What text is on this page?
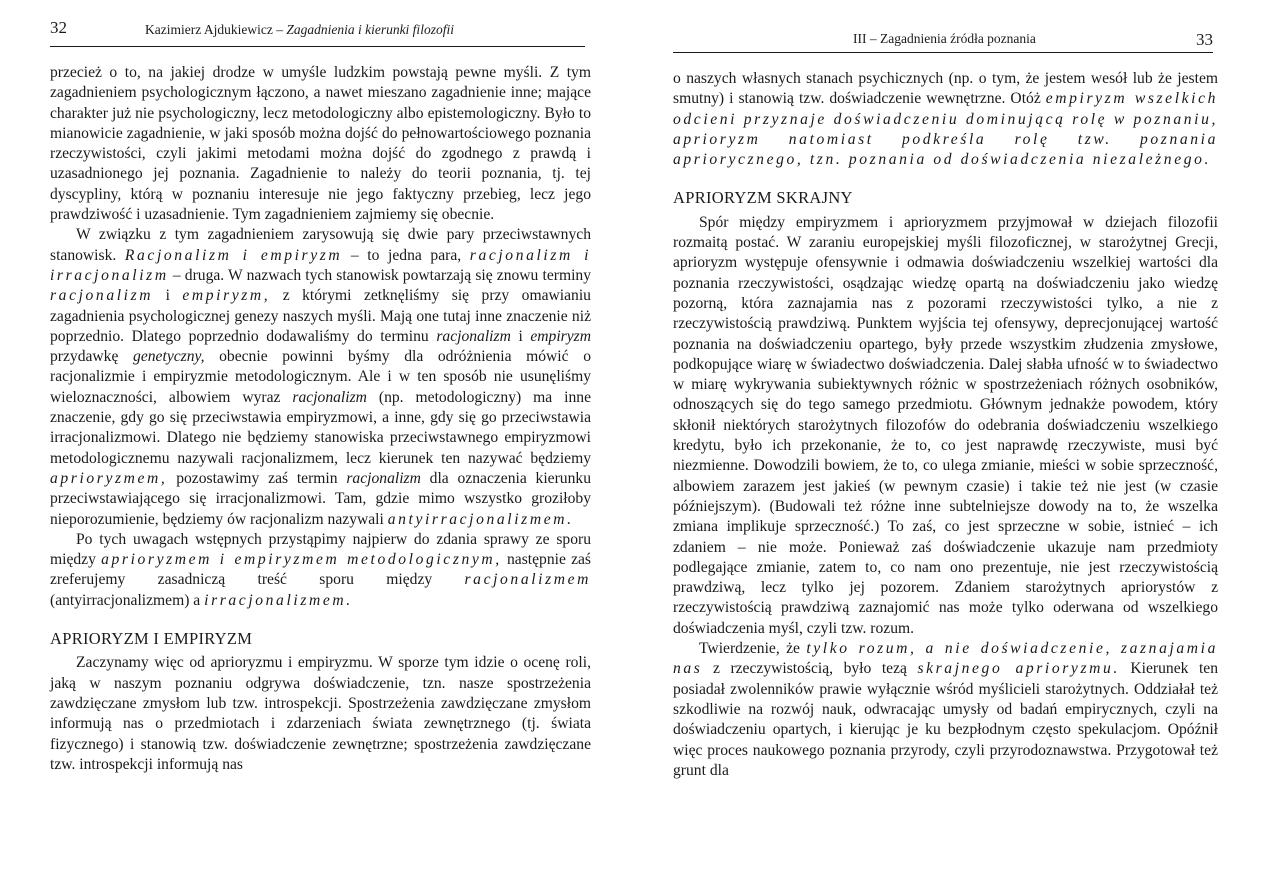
32	Kazimierz Ajdukiewicz – Zagadnienia i kierunki filozofii

przecież o to, na jakiej drodze w umyśle ludzkim powstają pewne myśli. Z tym zagadnieniem psychologicznym łączono, a nawet mieszano zagadnienie inne; mające charakter już nie psychologiczny, lecz metodologiczny albo epistemologiczny. Było to mianowicie zagadnienie, w jaki sposób można dojść do pełnowartościowego poznania rzeczywistości, czyli jakimi metodami można dojść do zgodnego z prawdą i uzasadnionego jej poznania. Zagadnienie to należy do teorii poznania, tj. tej dyscypliny, którą w poznaniu interesuje nie jego faktyczny przebieg, lecz jego prawdziwość i uzasadnienie. Tym zagadnieniem zajmiemy się obecnie.

W związku z tym zagadnieniem zarysowują się dwie pary przeciwstawnych stanowisk. Racjonalizm i empiryzm – to jedna para, racjonalizm i irracjonalizm – druga. W nazwach tych stanowisk powtarzają się znowu terminy racjonalizm i empiryzm, z którymi zetknęliśmy się przy omawianiu zagadnienia psychologicznej genezy naszych myśli. Mają one tutaj inne znaczenie niż poprzednio. Dlatego poprzednio dodawaliśmy do terminu racjonalizm i empiryzm przydawkę genetyczny, obecnie powinni byśmy dla odróżnienia mówić o racjonalizmie i empiryzmie metodologicznym. Ale i w ten sposób nie usunęliśmy wieloznaczności, albowiem wyraz racjonalizm (np. metodologiczny) ma inne znaczenie, gdy go się przeciwstawia empiryzmowi, a inne, gdy się go przeciwstawia irracjonalizmowi. Dlatego nie będziemy stanowiska przeciwstawnego empiryzmowi metodologicznemu nazywali racjonalizmem, lecz kierunek ten nazywać będziemy aprioryzmem, pozostawimy zaś termin racjonalizm dla oznaczenia kierunku przeciwstawiającego się irracjonalizmowi. Tam, gdzie mimo wszystko groziłoby nieporozumienie, będziemy ów racjonalizm nazywali antyirracjonalizmem.

Po tych uwagach wstępnych przystąpimy najpierw do zdania sprawy ze sporu między aprioryzmem i empiryzmem metodologicznym, następnie zaś zreferujemy zasadniczą treść sporu między racjonalizmem (antyirracjonalizmem) a irracjonalizmem.

APRIORYZM I EMPIRYZM

Zaczynamy więc od aprioryzmu i empiryzmu. W sporze tym idzie o ocenę roli, jaką w naszym poznaniu odgrywa doświadczenie, tzn. nasze spostrzeżenia zawdzięczane zmysłom lub tzw. introspekcji. Spostrzeżenia zawdzięczane zmysłom informują nas o przedmiotach i zdarzeniach świata zewnętrznego (tj. świata fizycznego) i stanowią tzw. doświadczenie zewnętrzne; spostrzeżenia zawdzięczane tzw. introspekcji informują nas

III – Zagadnienia źródła poznania	33

o naszych własnych stanach psychicznych (np. o tym, że jestem wesół lub że jestem smutny) i stanowią tzw. doświadczenie wewnętrzne. Otóż empiryzm wszelkich odcieni przyznaje doświadczeniu dominującą rolę w poznaniu, aprioryzm natomiast podkreśla rolę tzw. poznania apriorycznego, tzn. poznania od doświadczenia niezależnego.

APRIORYZM SKRAJNY

Spór między empiryzmem i aprioryzmem przyjmował w dziejach filozofii rozmaitą postać. W zaraniu europejskiej myśli filozoficznej, w starożytnej Grecji, aprioryzm występuje ofensywnie i odmawia doświadczeniu wszelkiej wartości dla poznania rzeczywistości, osądzając wiedzę opartą na doświadczeniu jako wiedzę pozorną, która zaznajamia nas z pozorami rzeczywistości tylko, a nie z rzeczywistością prawdziwą. Punktem wyjścia tej ofensywy, deprecjonującej wartość poznania na doświadczeniu opartego, były przede wszystkim złudzenia zmysłowe, podkopujące wiarę w świadectwo doświadczenia. Dalej słabła ufność w to świadectwo w miarę wykrywania subiektywnych różnic w spostrzeżeniach różnych osobników, odnoszących się do tego samego przedmiotu. Głównym jednakże powodem, który skłonił niektórych starożytnych filozofów do odebrania doświadczeniu wszelkiego kredytu, było ich przekonanie, że to, co jest naprawdę rzeczywiste, musi być niezmienne. Dowodzili bowiem, że to, co ulega zmianie, mieści w sobie sprzeczność, albowiem zarazem jest jakieś (w pewnym czasie) i takie też nie jest (w czasie późniejszym). (Budowali też różne inne subtelniejsze dowody na to, że wszelka zmiana implikuje sprzeczność.) To zaś, co jest sprzeczne w sobie, istnieć – ich zdaniem – nie może. Ponieważ zaś doświadczenie ukazuje nam przedmioty podlegające zmianie, zatem to, co nam ono prezentuje, nie jest rzeczywistością prawdziwą, lecz tylko jej pozorem. Zdaniem starożytnych apriorystów z rzeczywistością prawdziwą zaznajomić nas może tylko oderwana od wszelkiego doświadczenia myśl, czyli tzw. rozum.

Twierdzenie, że tylko rozum, a nie doświadczenie, zaznajamia nas z rzeczywistością, było tezą skrajnego aprioryzmu. Kierunek ten posiadał zwolenników prawie wyłącznie wśród myślicieli starożytnych. Oddziałał też szkodliwie na rozwój nauk, odwracając umysły od badań empirycznych, czyli na doświadczeniu opartych, i kierując je ku bezpłodnym często spekulacjom. Opóźnił więc proces naukowego poznania przyrody, czyli przyrodoznawstwa. Przygotował też grunt dla
